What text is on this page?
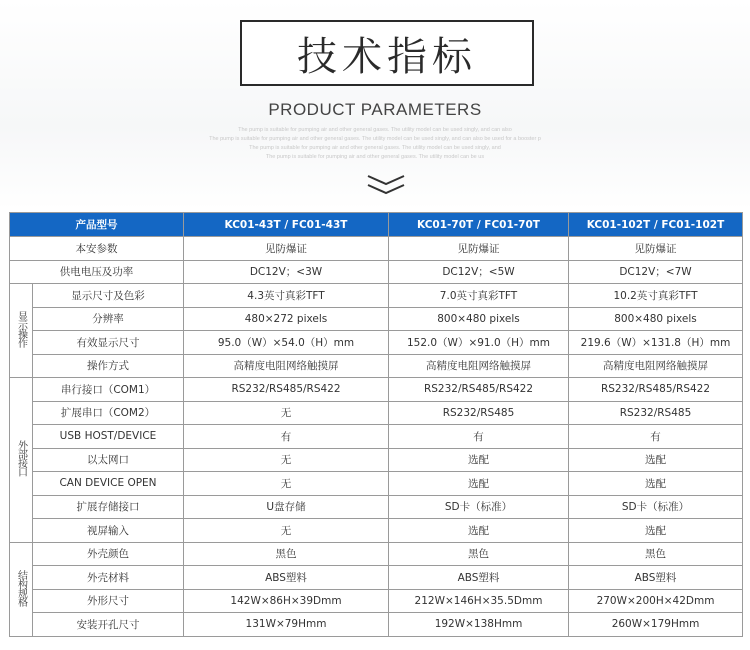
技术指标
PRODUCT PARAMETERS
The pump is suitable for pumping air and other general gases. The utility model can be used singly, and can also
The pump is suitable for pumping air and other general gases. The utility model can be used singly, and can also be used for a booster p
The pump is suitable for pumping air and other general gases. The utility model can be used singly, and
The pump is suitable for pumping air and other general gases. The utility model can be us
产品型号		KC01-43T / FC01-43T	KC01-70T / FC01-70T	KC01-102T / FC01-102T
本安参数		见防爆证	见防爆证	见防爆证
供电电压及功率		DC12V；<3W	DC12V；<5W	DC12V；<7W
显示操作	显示尺寸及色彩	4.3英寸真彩TFT	7.0英寸真彩TFT	10.2英寸真彩TFT
	分辨率	480×272 pixels	800×480 pixels	800×480 pixels
	有效显示尺寸	95.0（W）×54.0（H）mm	152.0（W）×91.0（H）mm	219.6（W）×131.8（H）mm
	操作方式	高精度电阻网络触摸屏	高精度电阻网络触摸屏	高精度电阻网络触摸屏
外部接口	串行接口（COM1）	RS232/RS485/RS422	RS232/RS485/RS422	RS232/RS485/RS422
	扩展串口（COM2）	无	RS232/RS485	RS232/RS485
	USB HOST/DEVICE	有	有	有
	以太网口	无	选配	选配
	CAN DEVICE OPEN	无	选配	选配
	扩展存储接口	U盘存储	SD卡（标准）	SD卡（标准）
	视屏输入	无	选配	选配
结构规格	外壳颜色	黑色	黑色	黑色
	外壳材料	ABS塑料	ABS塑料	ABS塑料
	外形尺寸	142W×86H×39Dmm	212W×146H×35.5Dmm	270W×200H×42Dmm
	安装开孔尺寸	131W×79Hmm	192W×138Hmm	260W×179Hmm
